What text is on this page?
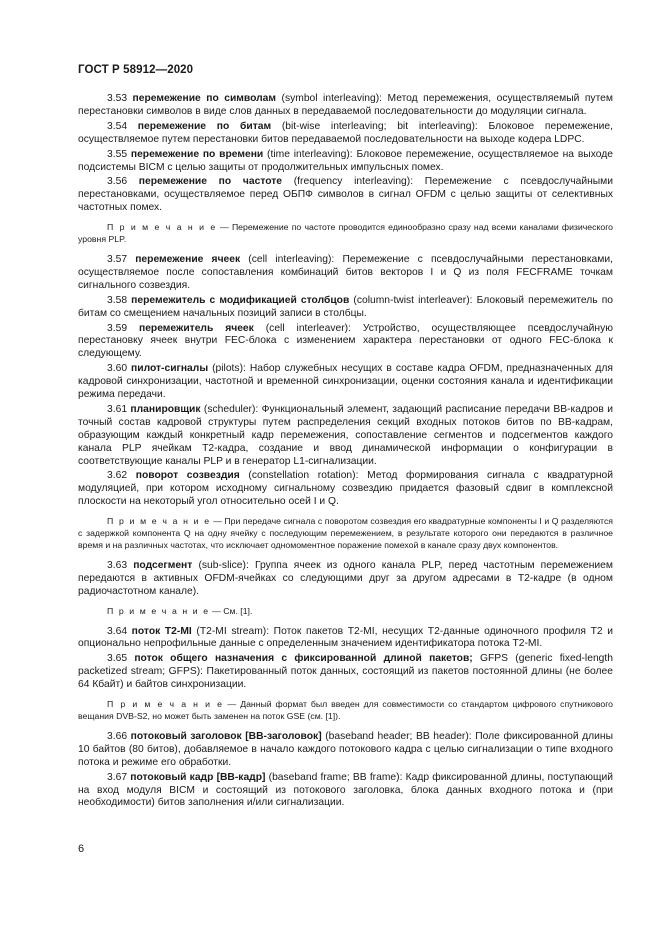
ГОСТ Р 58912—2020

3.53 перемежение по символам (symbol interleaving): Метод перемежения, осуществляемый путем перестановки символов в виде слов данных в передаваемой последовательности до модуляции сигнала.

3.54 перемежение по битам (bit-wise interleaving; bit interleaving): Блоковое перемежение, осуществляемое путем перестановки битов передаваемой последовательности на выходе кодера LDPC.

3.55 перемежение по времени (time interleaving): Блоковое перемежение, осуществляемое на выходе подсистемы BICM с целью защиты от продолжительных импульсных помех.

3.56 перемежение по частоте (frequency interleaving): Перемежение с псевдослучайными перестановками, осуществляемое перед ОБПФ символов в сигнал OFDM с целью защиты от селективных частотных помех.

П р и м е ч а н и е — Перемежение по частоте проводится единообразно сразу над всеми каналами физического уровня PLP.

3.57 перемежение ячеек (cell interleaving): Перемежение с псевдослучайными перестановками, осуществляемое после сопоставления комбинаций битов векторов I и Q из поля FECFRAME точкам сигнального созвездия.

3.58 перемежитель с модификацией столбцов (column-twist interleaver): Блоковый перемежитель по битам со смещением начальных позиций записи в столбцы.

3.59 перемежитель ячеек (cell interleaver): Устройство, осуществляющее псевдослучайную перестановку ячеек внутри FEC-блока с изменением характера перестановки от одного FEC-блока к следующему.

3.60 пилот-сигналы (pilots): Набор служебных несущих в составе кадра OFDM, предназначенных для кадровой синхронизации, частотной и временной синхронизации, оценки состояния канала и идентификации режима передачи.

3.61 планировщик (scheduler): Функциональный элемент, задающий расписание передачи BB-кадров и точный состав кадровой структуры путем распределения секций входных потоков битов по BB-кадрам, образующим каждый конкретный кадр перемежения, сопоставление сегментов и подсегментов каждого канала PLP ячейкам Т2-кадра, создание и ввод динамической информации о конфигурации в соответствующие каналы PLP и в генератор L1-сигнализации.

3.62 поворот созвездия (constellation rotation): Метод формирования сигнала с квадратурной модуляцией, при котором исходному сигнальному созвездию придается фазовый сдвиг в комплексной плоскости на некоторый угол относительно осей I и Q.

П р и м е ч а н и е — При передаче сигнала с поворотом созвездия его квадратурные компоненты I и Q разделяются с задержкой компонента Q на одну ячейку с последующим перемежением, в результате которого они передаются в различное время и на различных частотах, что исключает одномоментное поражение помехой в канале сразу двух компонентов.

3.63 подсегмент (sub-slice): Группа ячеек из одного канала PLP, перед частотным перемежением передаются в активных OFDM-ячейках со следующими друг за другом адресами в Т2-кадре (в одном радиочастотном канале).

П р и м е ч а н и е — См. [1].

3.64 поток T2-MI (T2-MI stream): Поток пакетов T2-MI, несущих Т2-данные одиночного профиля Т2 и опционально непрофильные данные с определенным значением идентификатора потока Т2-MI.

3.65 поток общего назначения с фиксированной длиной пакетов; GFPS (generic fixed-length packetized stream; GFPS): Пакетированный поток данных, состоящий из пакетов постоянной длины (не более 64 Кбайт) и байтов синхронизации.

П р и м е ч а н и е — Данный формат был введен для совместимости со стандартом цифрового спутникового вещания DVB-S2, но может быть заменен на поток GSE (см. [1]).

3.66 потоковый заголовок [BB-заголовок] (baseband header; BB header): Поле фиксированной длины 10 байтов (80 битов), добавляемое в начало каждого потокового кадра с целью сигнализации о типе входного потока и режиме его обработки.

3.67 потоковый кадр [BB-кадр] (baseband frame; BB frame): Кадр фиксированной длины, поступающий на вход модуля BICM и состоящий из потокового заголовка, блока данных входного потока и (при необходимости) битов заполнения и/или сигнализации.

6
